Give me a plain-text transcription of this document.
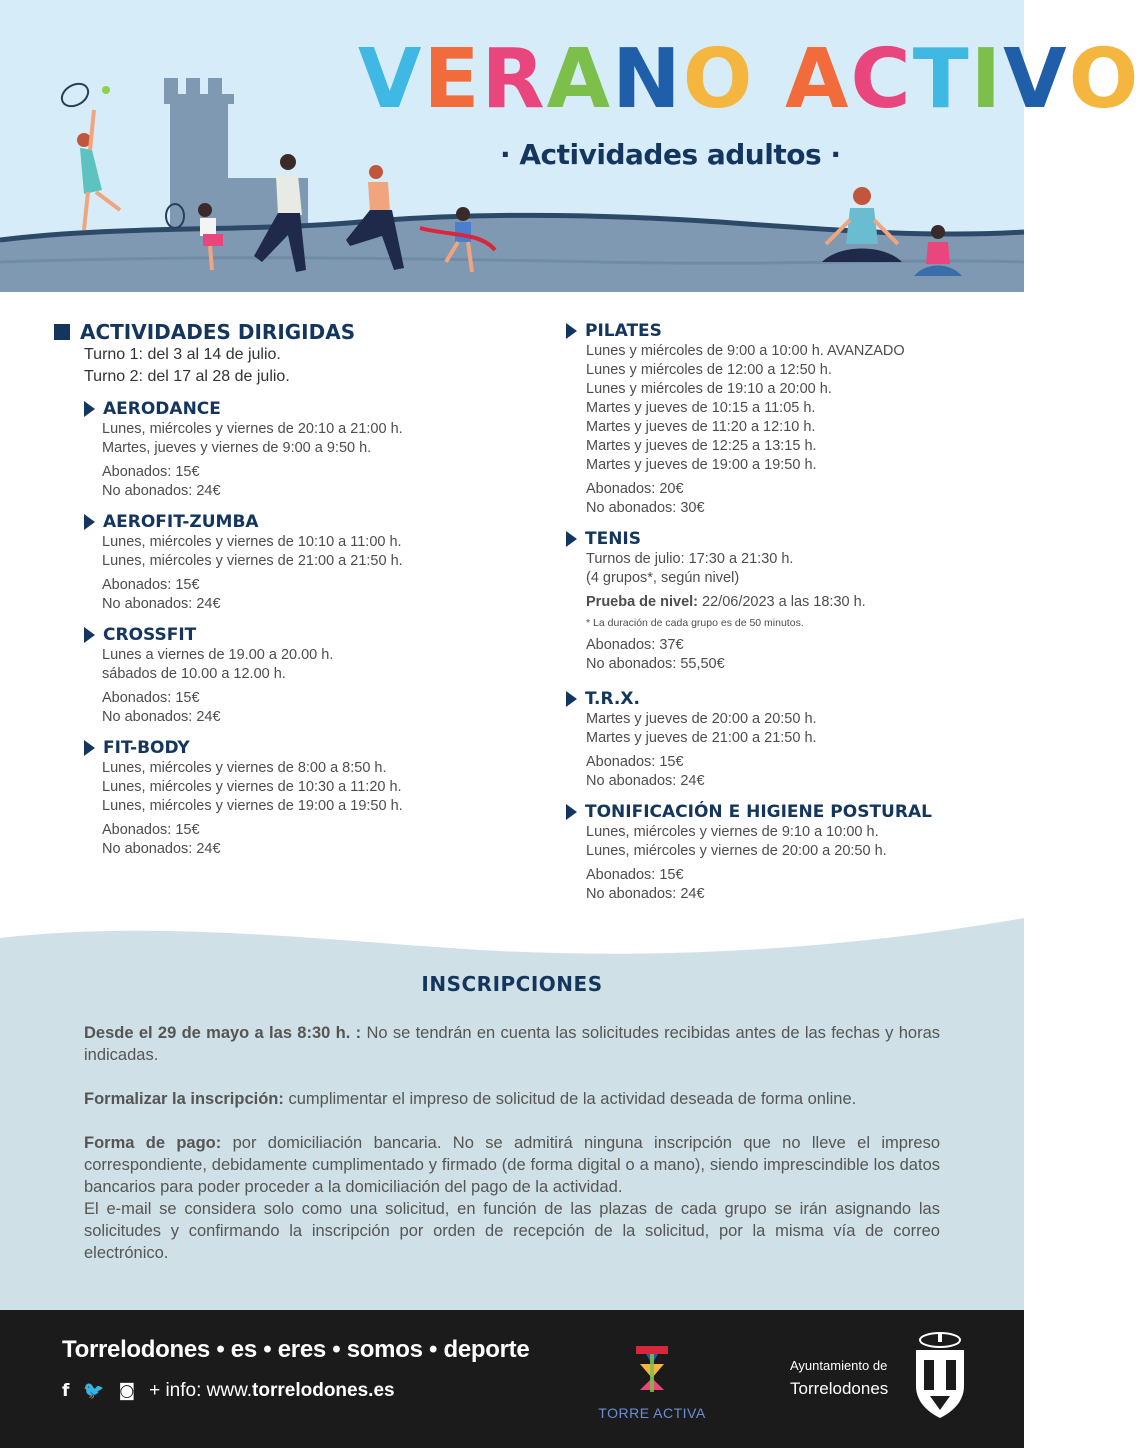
VERANO ACTIVO
· Actividades adultos ·
ACTIVIDADES DIRIGIDAS
Turno 1: del 3 al 14 de julio.
Turno 2: del 17 al 28 de julio.
AERODANCE
Lunes, miércoles y viernes de 20:10 a 21:00 h.
Martes, jueves y viernes de 9:00 a 9:50 h.
Abonados: 15€
No abonados: 24€
AEROFIT-ZUMBA
Lunes, miércoles y viernes de 10:10 a 11:00 h.
Lunes, miércoles y viernes de 21:00 a 21:50 h.
Abonados: 15€
No abonados: 24€
CROSSFIT
Lunes a viernes de 19.00 a 20.00 h.
sábados de 10.00 a 12.00 h.
Abonados: 15€
No abonados: 24€
FIT-BODY
Lunes, miércoles y viernes de 8:00 a 8:50 h.
Lunes, miércoles y viernes de 10:30 a 11:20 h.
Lunes, miércoles y viernes de 19:00 a 19:50 h.
Abonados: 15€
No abonados: 24€
PILATES
Lunes y miércoles de 9:00 a 10:00 h. AVANZADO
Lunes y miércoles de 12:00 a 12:50 h.
Lunes y miércoles de 19:10 a 20:00 h.
Martes y jueves de 10:15 a 11:05 h.
Martes y jueves de 11:20 a 12:10 h.
Martes y jueves de 12:25 a 13:15 h.
Martes y jueves de 19:00 a 19:50 h.
Abonados: 20€
No abonados: 30€
TENIS
Turnos de julio: 17:30 a 21:30 h.
(4 grupos*, según nivel)
Prueba de nivel: 22/06/2023 a las 18:30 h.
* La duración de cada grupo es de 50 minutos.
Abonados: 37€
No abonados: 55,50€
T.R.X.
Martes y jueves de 20:00 a 20:50 h.
Martes y jueves de 21:00 a 21:50 h.
Abonados: 15€
No abonados: 24€
TONIFICACIÓN E HIGIENE POSTURAL
Lunes, miércoles y viernes de 9:10 a 10:00 h.
Lunes, miércoles y viernes de 20:00 a 20:50 h.
Abonados: 15€
No abonados: 24€
INSCRIPCIONES

Desde el 29 de mayo a las 8:30 h. : No se tendrán en cuenta las solicitudes recibidas antes de las fechas y horas indicadas.

Formalizar la inscripción: cumplimentar el impreso de solicitud de la actividad deseada de forma online.

Forma de pago: por domiciliación bancaria. No se admitirá ninguna inscripción que no lleve el impreso correspondiente, debidamente cumplimentado y firmado (de forma digital o a mano), siendo imprescindible los datos bancarios para poder proceder a la domiciliación del pago de la actividad.

El e-mail se considera solo como una solicitud, en función de las plazas de cada grupo se irán asignando las solicitudes y confirmando la inscripción por orden de recepción de la solicitud, por la misma vía de correo electrónico.

Torrelodones • es • eres • somos • deporte
f 🐦 ◙ + info: www.torrelodones.es
TORRE ACTIVA
Ayuntamiento de
Torrelodones
